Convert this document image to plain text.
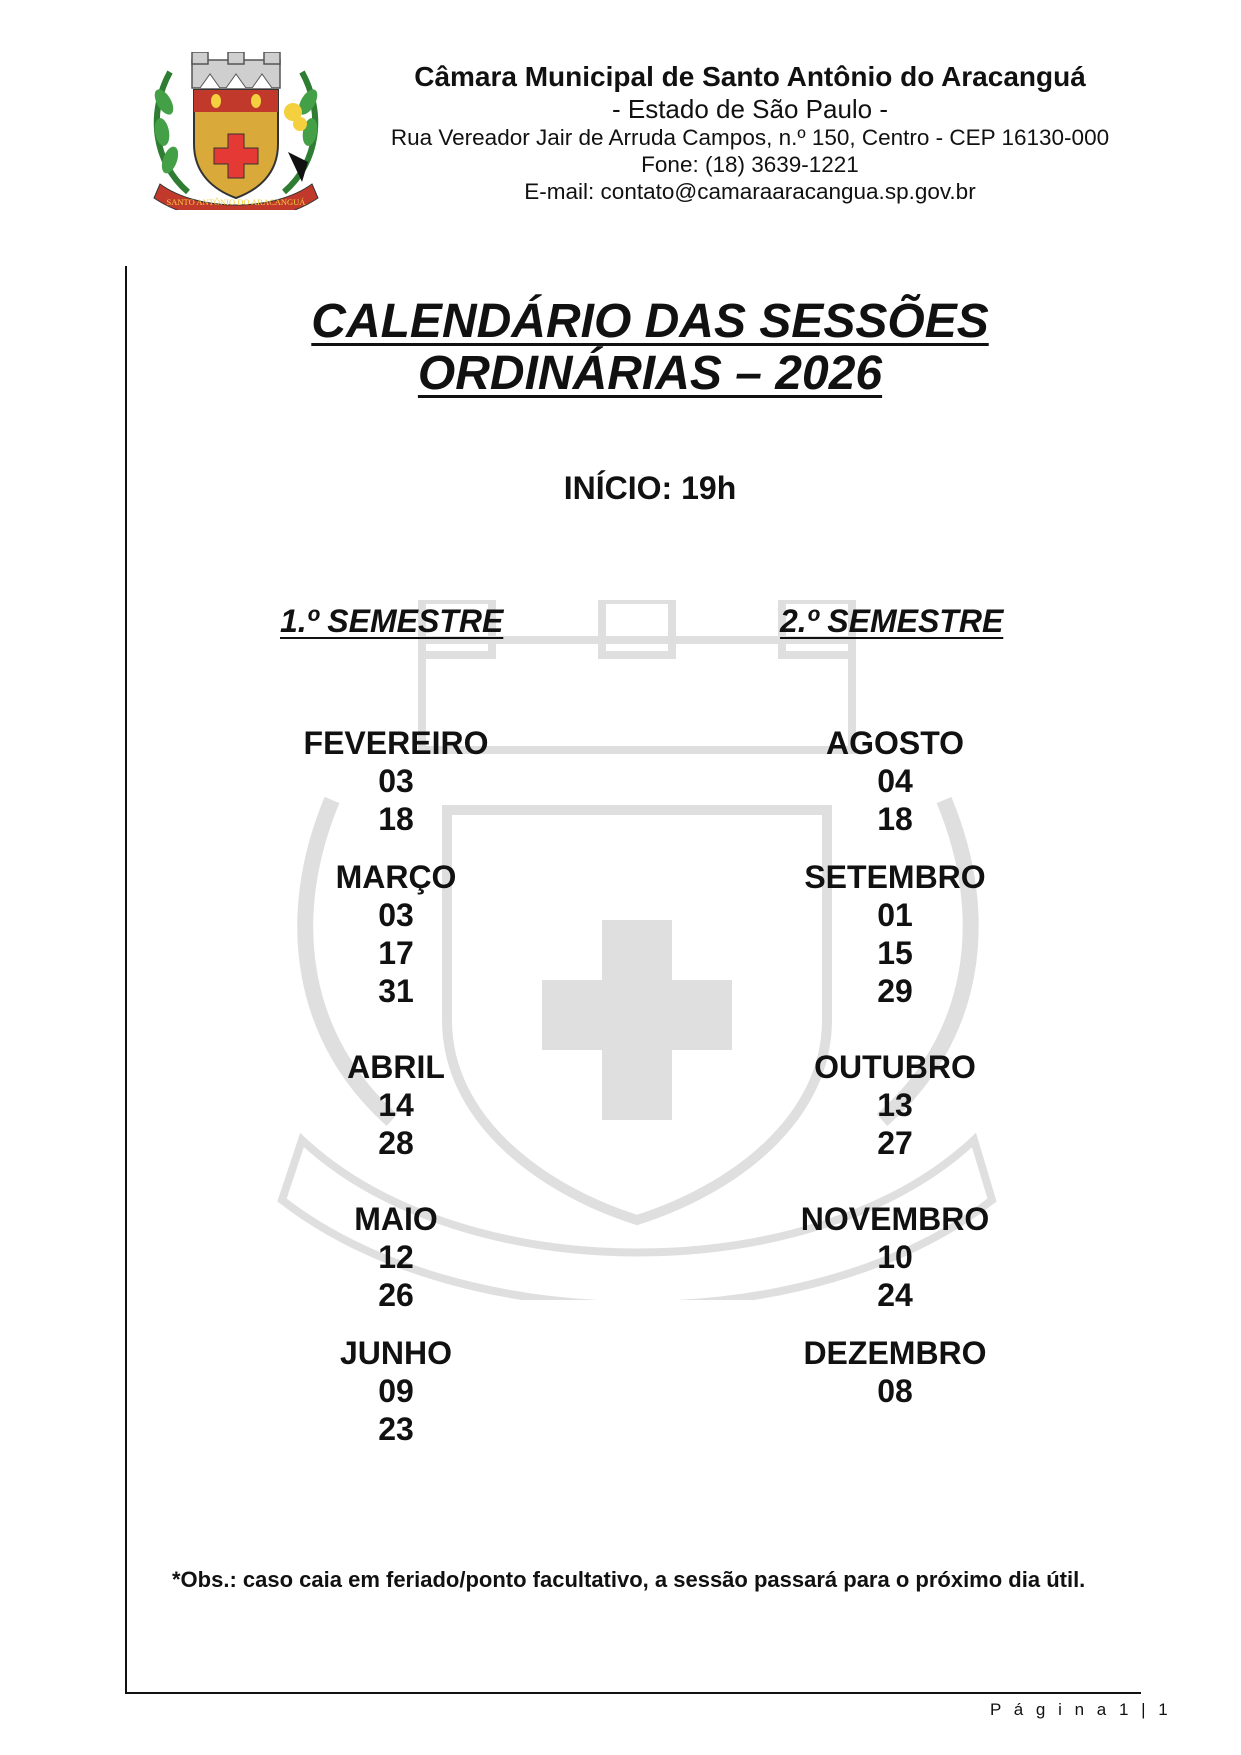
SANTO ANTÔNIO DO ARACANGUÁ
Câmara Municipal de Santo Antônio do Aracanguá
- Estado de São Paulo -
Rua Vereador Jair de Arruda Campos, n.º 150, Centro - CEP 16130-000
Fone: (18) 3639-1221
E-mail: contato@camaraaracangua.sp.gov.br
CALENDÁRIO DAS SESSÕES
ORDINÁRIAS – 2026
INÍCIO: 19h
1.º SEMESTRE	2.º SEMESTRE
FEVEREIRO
03
18
MARÇO
03
17
31
ABRIL
14
28
MAIO
12
26
JUNHO
09
23
AGOSTO
04
18
SETEMBRO
01
15
29
OUTUBRO
13
27
NOVEMBRO
10
24
DEZEMBRO
08
*Obs.: caso caia em feriado/ponto facultativo, a sessão passará para o próximo dia útil.
P á g i n a 1 | 1
